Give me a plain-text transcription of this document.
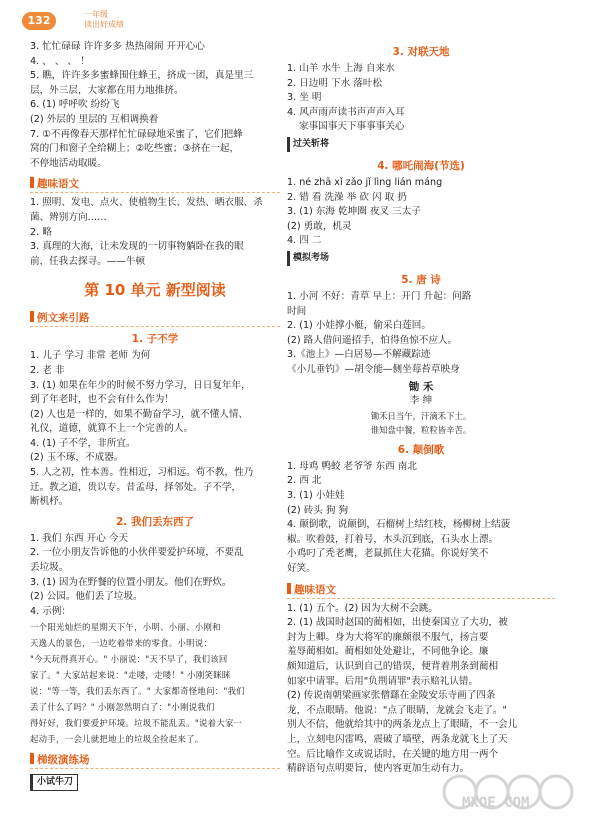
132	一年级
读出好成绩
3. 忙忙碌碌 许许多多 热热闹闹 开开心心
4. 、 、 、 ！
5. 瞧，许许多多蜜蜂围住蜂王，挤成一团，真是里三
层，外三层，大家都在用力地推挤。
6. (1) 呼呼吹 纷纷飞
(2) 外层的 里层的 互相调换着
7. ①不再像春天那样忙忙碌碌地采蜜了，它们把蜂
窝的门和窗子全给糊上；②吃些蜜；③挤在一起，
不停地活动取暖。
趣味语文
1. 照明、发电、点火、使植物生长、发热、晒衣服、杀
菌、辨别方向……
2. 略
3. 真理的大海，让未发现的一切事物躺卧在我的眼
前，任我去探寻。——牛顿
第 10 单元 新型阅读
例文来引路
1. 子不学
1. 儿子 学习 非常 老师 为何
2. 老 非
3. (1) 如果在年少的时候不努力学习，日日复年年，
到了年老时，也不会有什么作为！
(2) 人也是一样的，如果不勤奋学习，就不懂人情、
礼仪，道德，就算不上一个完善的人。
4. (1) 子不学，非所宜。
(2) 玉不琢，不成器。
5. 人之初，性本善。性相近，习相远。苟不教，性乃
迁。教之道，贵以专。昔孟母，择邻处。子不学，
断机杼。
2. 我们丢东西了
1. 我们 东西 开心 今天
2. 一位小朋友告诉他的小伙伴要爱护环境，不要乱
丢垃圾。
3. (1) 因为在野餐的位置小朋友。他们在野炊。
(2) 公园。他们丢了垃圾。
4. 示例：
一个阳光灿烂的星期天下午，小明、小丽、小刚和
天逸人的景色，一边吃着带来的零食。小明说：
"今天玩得真开心。" 小丽说："天不早了，我们该回
家了。" 大家站起来说："走喽，走喽！" 小刚笑眯眯
说："等一等，我们丢东西了。" 大家都奇怪地问："我们
丢了什么了吗？" 小刚忽然明白了："小刚说我们
得好好，我们要爱护环境。垃圾不能乱丢。"说着大家一
起动手，一会儿就把地上的垃圾全捡起来了。
梯级演练场
小试牛刀
3. 对联天地
1. 山羊 水牛 上海 自来水
2. 日边明 下水 落叶松
3. 坐 明
4. 风声雨声读书声声声入耳
家事国事天下事事事关心
过关斩将
4. 哪吒闹海(节选)
1. né zhā xǐ zǎo jǐ lìng lián máng
2. 错 看 洗澡 举 砍 闪 取 扔
3. (1) 东海 乾坤圈 夜叉 三太子
(2) 勇敢，机灵
4. 四 二
模拟考场
5. 唐 诗
1. 小河 不好：青草 早上：开门 升起：问路
时间
2. (1) 小娃撑小艇，偷采白莲回。
(2) 路人借问遥招手，怕得鱼惊不应人。
3.《池上》—白居易—不解藏踪迹
《小儿垂钓》—胡令能—侧坐莓苔草映身
锄 禾
李 绅
锄禾日当午，汗滴禾下土。
谁知盘中餐，粒粒皆辛苦。
6. 颠倒歌
1. 母鸡 鸭蛟 老爷爷 东西 南北
2. 西 北
3. (1) 小娃娃
(2) 砖头 狗 狗
4. 颠倒歌，说颠倒，石榴树上结红枝，杨柳树上结菠
椒。吹着鼓，打着号，木头沉到底，石头水上漂。
小鸡叼了秃老鹰，老鼠抓住大花猫。你说好笑不
好笑。
趣味语文
1. (1) 五个。(2) 因为大树不会跳。
2. (1) 战国时赵国的蔺相如，出使秦国立了大功，被
封为上卿。身为大将军的廉颇很不服气，扬言要
羞辱蔺相如。蔺相如处处避让，不同他争论。廉
颇知道后，认识到自己的错误，便背着荆条到蔺相
如家中请罪。后用"负荆请罪"表示赔礼认错。
(2) 传说南朝梁画家张僧繇在金陵安乐寺画了四条
龙，不点眼睛。他说："点了眼睛，龙就会飞走了。"
别人不信，他就给其中的两条龙点上了眼睛，不一会儿
上，立刻电闪雷鸣，震破了墙壁，两条龙就飞上了天
空。后比喻作文或说话时，在关键的地方用一两个
精辟语句点明要旨，使内容更加生动有力。
MXQE.COM
